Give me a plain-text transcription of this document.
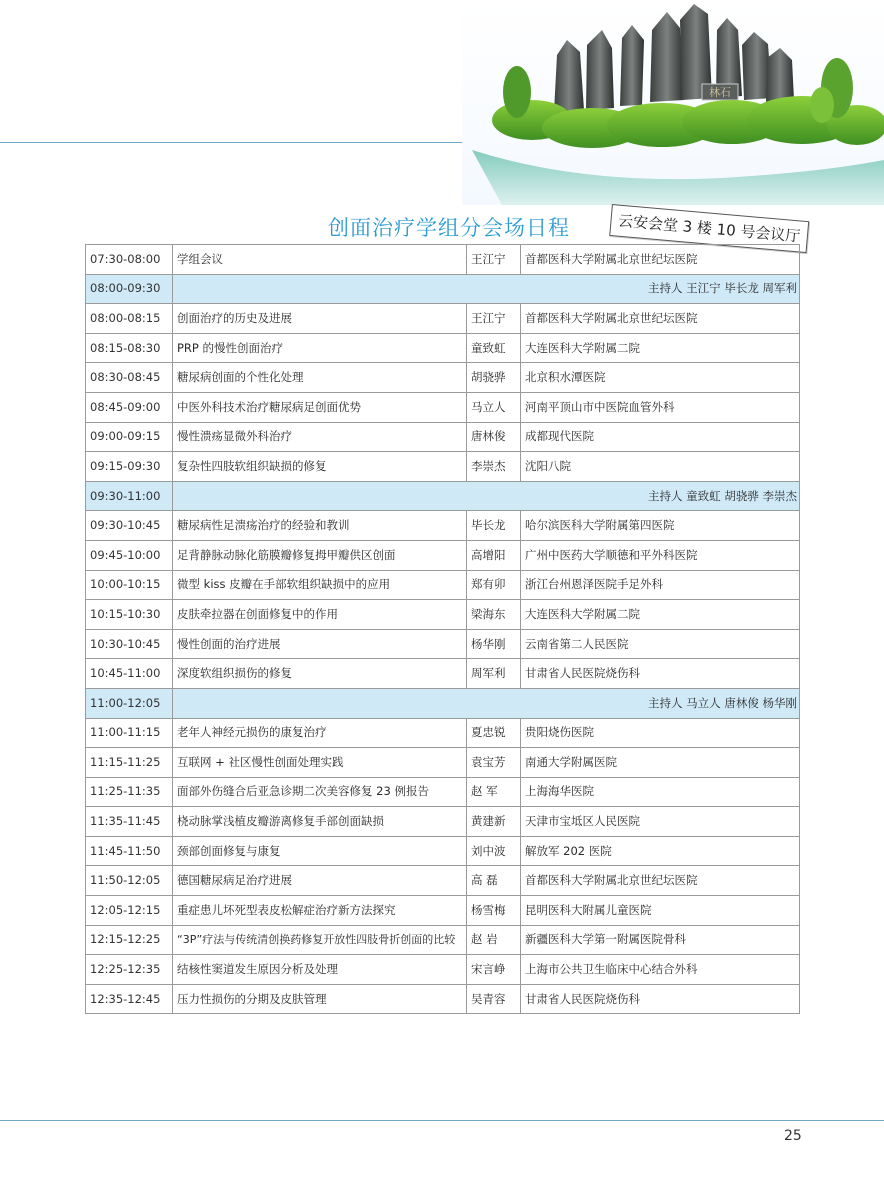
林石
创面治疗学组分会场日程	云安会堂 3 楼 10 号会议厅
07:30-08:00	学组会议	王江宁	首都医科大学附属北京世纪坛医院
08:00-09:30	主持人 王江宁 毕长龙 周军利		
08:00-08:15	创面治疗的历史及进展	王江宁	首都医科大学附属北京世纪坛医院
08:15-08:30	PRP 的慢性创面治疗	童致虹	大连医科大学附属二院
08:30-08:45	糖尿病创面的个性化处理	胡骁骅	北京积水潭医院
08:45-09:00	中医外科技术治疗糖尿病足创面优势	马立人	河南平顶山市中医院血管外科
09:00-09:15	慢性溃疡显微外科治疗	唐林俊	成都现代医院
09:15-09:30	复杂性四肢软组织缺损的修复	李崇杰	沈阳八院
09:30-11:00	主持人 童致虹 胡骁骅 李崇杰		
09:30-10:45	糖尿病性足溃疡治疗的经验和教训	毕长龙	哈尔滨医科大学附属第四医院
09:45-10:00	足背静脉动脉化筋膜瓣修复拇甲瓣供区创面	高增阳	广州中医药大学顺德和平外科医院
10:00-10:15	微型 kiss 皮瓣在手部软组织缺损中的应用	郑有卯	浙江台州恩泽医院手足外科
10:15-10:30	皮肤牵拉器在创面修复中的作用	梁海东	大连医科大学附属二院
10:30-10:45	慢性创面的治疗进展	杨华刚	云南省第二人民医院
10:45-11:00	深度软组织损伤的修复	周军利	甘肃省人民医院烧伤科
11:00-12:05	主持人 马立人 唐林俊 杨华刚		
11:00-11:15	老年人神经元损伤的康复治疗	夏忠锐	贵阳烧伤医院
11:15-11:25	互联网 + 社区慢性创面处理实践	袁宝芳	南通大学附属医院
11:25-11:35	面部外伤缝合后亚急诊期二次美容修复 23 例报告	赵 军	上海海华医院
11:35-11:45	桡动脉掌浅植皮瓣游离修复手部创面缺损	黄建新	天津市宝坻区人民医院
11:45-11:50	颈部创面修复与康复	刘中波	解放军 202 医院
11:50-12:05	德国糖尿病足治疗进展	高 磊	首都医科大学附属北京世纪坛医院
12:05-12:15	重症患儿坏死型表皮松解症治疗新方法探究	杨雪梅	昆明医科大附属儿童医院
12:15-12:25	“3P”疗法与传统清创换药修复开放性四肢骨折创面的比较	赵 岩	新疆医科大学第一附属医院骨科
12:25-12:35	结核性窦道发生原因分析及处理	宋言峥	上海市公共卫生临床中心结合外科
12:35-12:45	压力性损伤的分期及皮肤管理	吴青容	甘肃省人民医院烧伤科
25
